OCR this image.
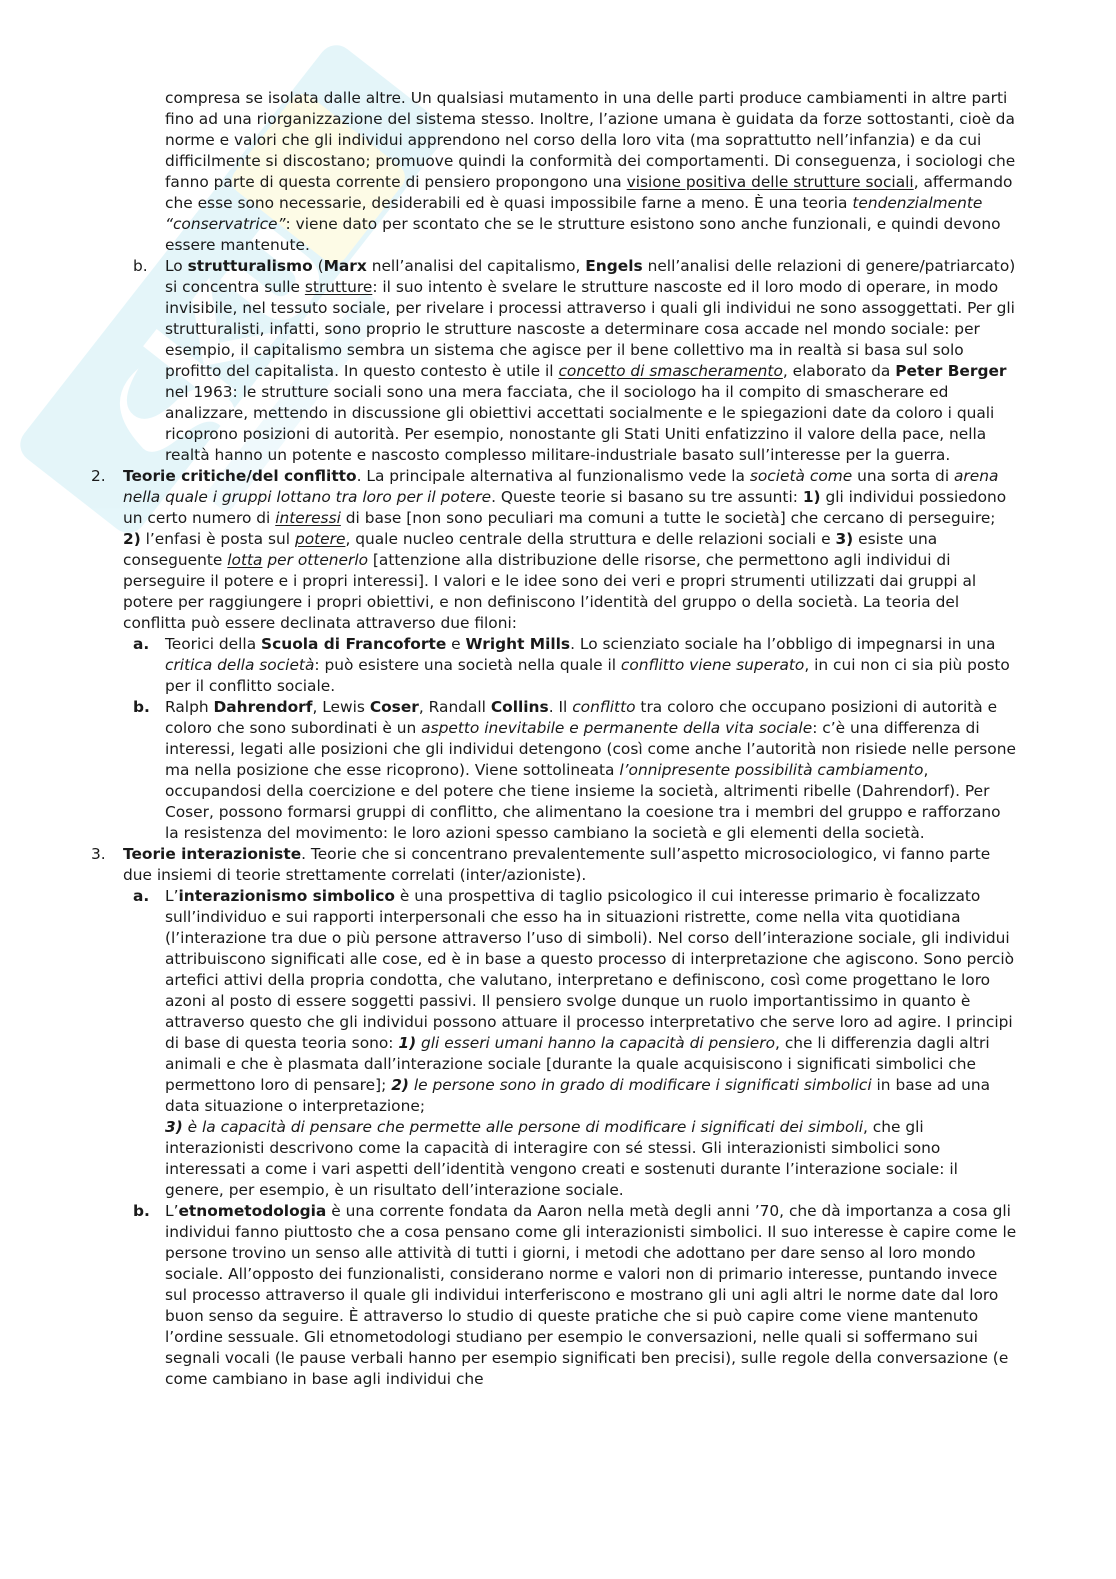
compresa se isolata dalle altre. Un qualsiasi mutamento in una delle parti produce cambiamenti in altre parti fino ad una riorganizzazione del sistema stesso. Inoltre, l’azione umana è guidata da forze sottostanti, cioè da norme e valori che gli individui apprendono nel corso della loro vita (ma soprattutto nell’infanzia) e da cui difficilmente si discostano; promuove quindi la conformità dei comportamenti. Di conseguenza, i sociologi che fanno parte di questa corrente di pensiero propongono una visione positiva delle strutture sociali, affermando che esse sono necessarie, desiderabili ed è quasi impossibile farne a meno. È una teoria tendenzialmente “conservatrice”: viene dato per scontato che se le strutture esistono sono anche funzionali, e quindi devono essere mantenute.
b. Lo strutturalismo (Marx nell’analisi del capitalismo, Engels nell’analisi delle relazioni di genere/patriarcato) si concentra sulle strutture: il suo intento è svelare le strutture nascoste ed il loro modo di operare, in modo invisibile, nel tessuto sociale, per rivelare i processi attraverso i quali gli individui ne sono assoggettati. Per gli strutturalisti, infatti, sono proprio le strutture nascoste a determinare cosa accade nel mondo sociale: per esempio, il capitalismo sembra un sistema che agisce per il bene collettivo ma in realtà si basa sul solo profitto del capitalista. In questo contesto è utile il concetto di smascheramento, elaborato da Peter Berger nel 1963: le strutture sociali sono una mera facciata, che il sociologo ha il compito di smascherare ed analizzare, mettendo in discussione gli obiettivi accettati socialmente e le spiegazioni date da coloro i quali ricoprono posizioni di autorità. Per esempio, nonostante gli Stati Uniti enfatizzino il valore della pace, nella realtà hanno un potente e nascosto complesso militare-industriale basato sull’interesse per la guerra.
2. Teorie critiche/del conflitto. La principale alternativa al funzionalismo vede la società come una sorta di arena nella quale i gruppi lottano tra loro per il potere. Queste teorie si basano su tre assunti: 1) gli individui possiedono un certo numero di interessi di base [non sono peculiari ma comuni a tutte le società] che cercano di perseguire; 2) l’enfasi è posta sul potere, quale nucleo centrale della struttura e delle relazioni sociali e 3) esiste una conseguente lotta per ottenerlo [attenzione alla distribuzione delle risorse, che permettono agli individui di perseguire il potere e i propri interessi]. I valori e le idee sono dei veri e propri strumenti utilizzati dai gruppi al potere per raggiungere i propri obiettivi, e non definiscono l’identità del gruppo o della società. La teoria del conflitta può essere declinata attraverso due filoni:
a. Teorici della Scuola di Francoforte e Wright Mills. Lo scienziato sociale ha l’obbligo di impegnarsi in una critica della società: può esistere una società nella quale il conflitto viene superato, in cui non ci sia più posto per il conflitto sociale.
b. Ralph Dahrendorf, Lewis Coser, Randall Collins. Il conflitto tra coloro che occupano posizioni di autorità e coloro che sono subordinati è un aspetto inevitabile e permanente della vita sociale: c’è una differenza di interessi, legati alle posizioni che gli individui detengono (così come anche l’autorità non risiede nelle persone ma nella posizione che esse ricoprono). Viene sottolineata l’onnipresente possibilità cambiamento, occupandosi della coercizione e del potere che tiene insieme la società, altrimenti ribelle (Dahrendorf). Per Coser, possono formarsi gruppi di conflitto, che alimentano la coesione tra i membri del gruppo e rafforzano la resistenza del movimento: le loro azioni spesso cambiano la società e gli elementi della società.
3. Teorie interazioniste. Teorie che si concentrano prevalentemente sull’aspetto microsociologico, vi fanno parte due insiemi di teorie strettamente correlati (inter/azioniste).
a. L’interazionismo simbolico è una prospettiva di taglio psicologico il cui interesse primario è focalizzato sull’individuo e sui rapporti interpersonali che esso ha in situazioni ristrette, come nella vita quotidiana (l’interazione tra due o più persone attraverso l’uso di simboli). Nel corso dell’interazione sociale, gli individui attribuiscono significati alle cose, ed è in base a questo processo di interpretazione che agiscono. Sono perciò artefici attivi della propria condotta, che valutano, interpretano e definiscono, così come progettano le loro azoni al posto di essere soggetti passivi. Il pensiero svolge dunque un ruolo importantissimo in quanto è attraverso questo che gli individui possono attuare il processo interpretativo che serve loro ad agire. I principi di base di questa teoria sono: 1) gli esseri umani hanno la capacità di pensiero, che li differenzia dagli altri animali e che è plasmata dall’interazione sociale [durante la quale acquisiscono i significati simbolici che permettono loro di pensare]; 2) le persone sono in grado di modificare i significati simbolici in base ad una data situazione o interpretazione;
3) è la capacità di pensare che permette alle persone di modificare i significati dei simboli, che gli interazionisti descrivono come la capacità di interagire con sé stessi. Gli interazionisti simbolici sono interessati a come i vari aspetti dell’identità vengono creati e sostenuti durante l’interazione sociale: il genere, per esempio, è un risultato dell’interazione sociale.
b. L’etnometodologia è una corrente fondata da Aaron nella metà degli anni ’70, che dà importanza a cosa gli individui fanno piuttosto che a cosa pensano come gli interazionisti simbolici. Il suo interesse è capire come le persone trovino un senso alle attività di tutti i giorni, i metodi che adottano per dare senso al loro mondo sociale. All’opposto dei funzionalisti, considerano norme e valori non di primario interesse, puntando invece sul processo attraverso il quale gli individui interferiscono e mostrano gli uni agli altri le norme date dal loro buon senso da seguire. È attraverso lo studio di queste pratiche che si può capire come viene mantenuto l’ordine sessuale. Gli etnometodologi studiano per esempio le conversazioni, nelle quali si soffermano sui segnali vocali (le pause verbali hanno per esempio significati ben precisi), sulle regole della conversazione (e come cambiano in base agli individui che
